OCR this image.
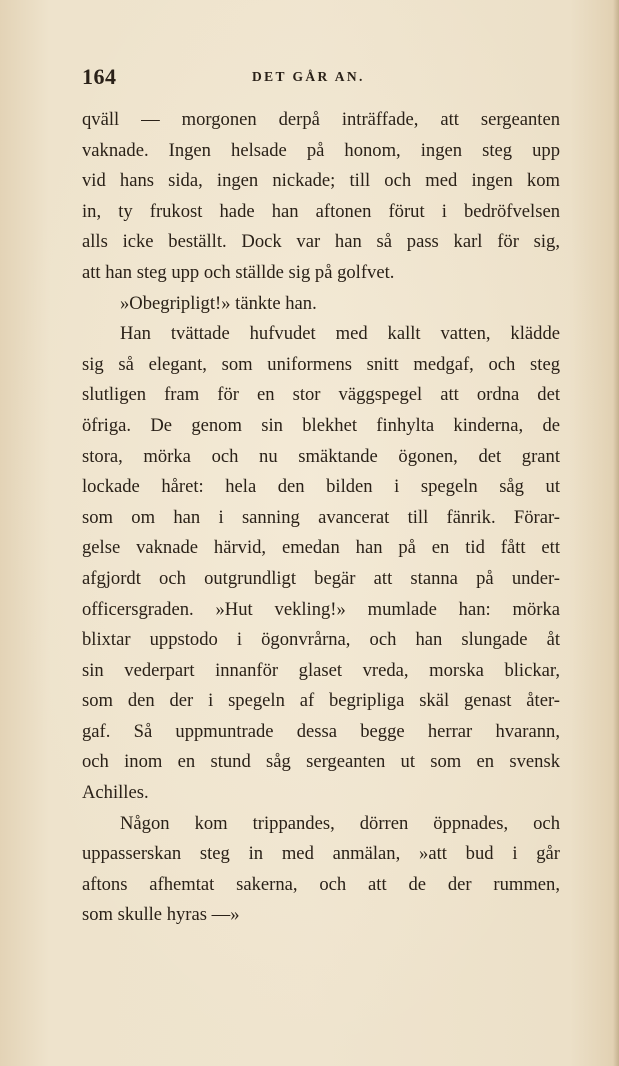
164	DET GÅR AN.
qväll — morgonen derpå inträffade, att sergeanten
vaknade. Ingen helsade på honom, ingen steg upp
vid hans sida, ingen nickade; till och med ingen kom
in, ty frukost hade han aftonen förut i bedröfvelsen
alls icke beställt. Dock var han så pass karl för sig,
att han steg upp och ställde sig på golfvet.
»Obegripligt!» tänkte han.
Han tvättade hufvudet med kallt vatten, klädde
sig så elegant, som uniformens snitt medgaf, och steg
slutligen fram för en stor väggspegel att ordna det
öfriga. De genom sin blekhet finhylta kinderna, de
stora, mörka och nu smäktande ögonen, det grant
lockade håret: hela den bilden i spegeln såg ut
som om han i sanning avancerat till fänrik. Förar-
gelse vaknade härvid, emedan han på en tid fått ett
afgjordt och outgrundligt begär att stanna på under-
officersgraden. »Hut vekling!» mumlade han: mörka
blixtar uppstodo i ögonvrårna, och han slungade åt
sin vederpart innanför glaset vreda, morska blickar,
som den der i spegeln af begripliga skäl genast åter-
gaf. Så uppmuntrade dessa begge herrar hvarann,
och inom en stund såg sergeanten ut som en svensk
Achilles.
Någon kom trippandes, dörren öppnades, och
uppasserskan steg in med anmälan, »att bud i går
aftons afhemtat sakerna, och att de der rummen,
som skulle hyras —»
